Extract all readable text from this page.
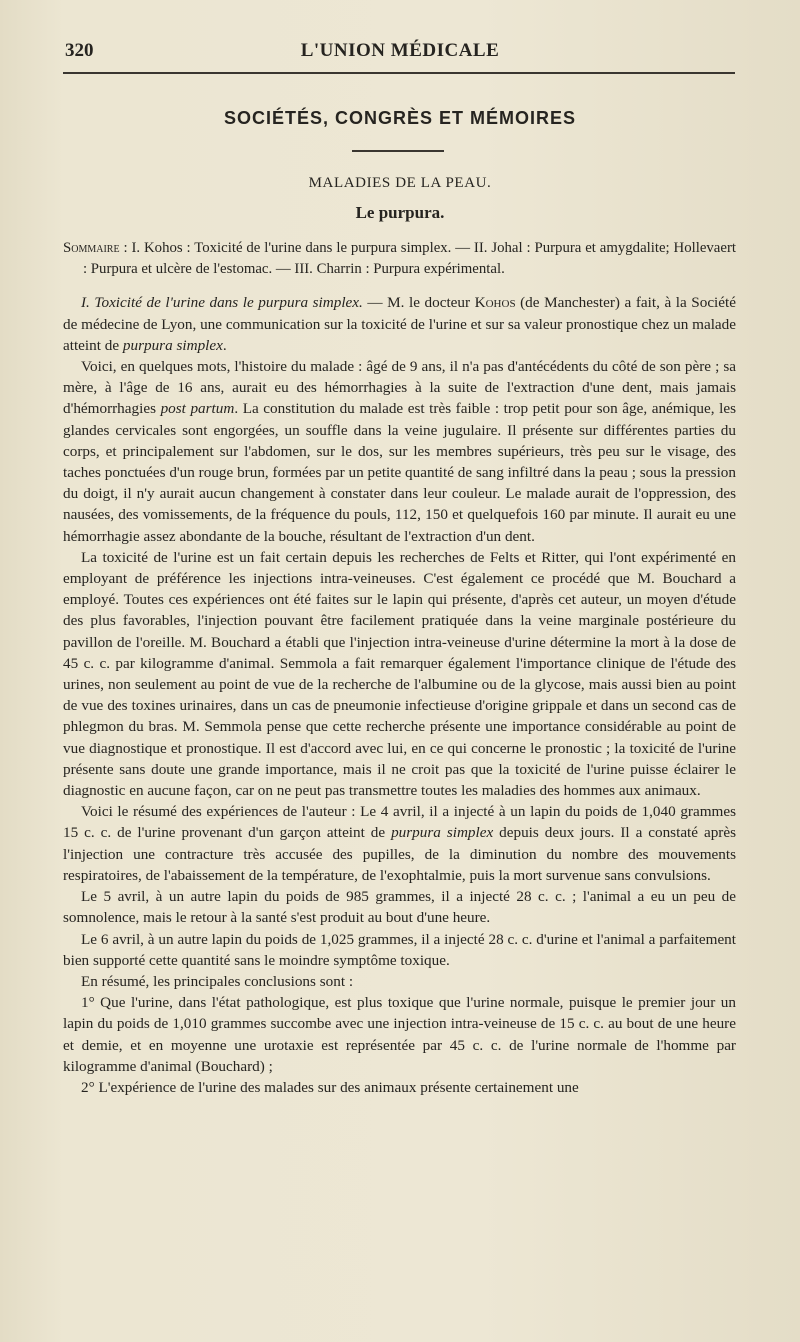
320	L'UNION MÉDICALE
SOCIÉTÉS, CONGRÈS ET MÉMOIRES
MALADIES DE LA PEAU.
Le purpura.

Sommaire : I. Kohos : Toxicité de l'urine dans le purpura simplex. — II. Johal : Purpura et amygdalite; Hollevaert : Purpura et ulcère de l'estomac. — III. Charrin : Purpura expérimental.

I. Toxicité de l'urine dans le purpura simplex. — M. le docteur Kohos (de Manchester) a fait, à la Société de médecine de Lyon, une communication sur la toxicité de l'urine et sur sa valeur pronostique chez un malade atteint de purpura simplex.

Voici, en quelques mots, l'histoire du malade : âgé de 9 ans, il n'a pas d'antécédents du côté de son père ; sa mère, à l'âge de 16 ans, aurait eu des hémorrhagies à la suite de l'extraction d'une dent, mais jamais d'hémorrhagies post partum. La constitution du malade est très faible : trop petit pour son âge, anémique, les glandes cervicales sont engorgées, un souffle dans la veine jugulaire. Il présente sur différentes parties du corps, et principalement sur l'abdomen, sur le dos, sur les membres supérieurs, très peu sur le visage, des taches ponctuées d'un rouge brun, formées par un petite quantité de sang infiltré dans la peau ; sous la pression du doigt, il n'y aurait aucun changement à constater dans leur couleur. Le malade aurait de l'oppression, des nausées, des vomissements, de la fréquence du pouls, 112, 150 et quelquefois 160 par minute. Il aurait eu une hémorrhagie assez abondante de la bouche, résultant de l'extraction d'un dent.

La toxicité de l'urine est un fait certain depuis les recherches de Felts et Ritter, qui l'ont expérimenté en employant de préférence les injections intra-veineuses. C'est également ce procédé que M. Bouchard a employé. Toutes ces expériences ont été faites sur le lapin qui présente, d'après cet auteur, un moyen d'étude des plus favorables, l'injection pouvant être facilement pratiquée dans la veine marginale postérieure du pavillon de l'oreille. M. Bouchard a établi que l'injection intra-veineuse d'urine détermine la mort à la dose de 45 c. c. par kilogramme d'animal. Semmola a fait remarquer également l'importance clinique de l'étude des urines, non seulement au point de vue de la recherche de l'albumine ou de la glycose, mais aussi bien au point de vue des toxines urinaires, dans un cas de pneumonie infectieuse d'origine grippale et dans un second cas de phlegmon du bras. M. Semmola pense que cette recherche présente une importance considérable au point de vue diagnostique et pronostique. Il est d'accord avec lui, en ce qui concerne le pronostic ; la toxicité de l'urine présente sans doute une grande importance, mais il ne croit pas que la toxicité de l'urine puisse éclairer le diagnostic en aucune façon, car on ne peut pas transmettre toutes les maladies des hommes aux animaux.

Voici le résumé des expériences de l'auteur : Le 4 avril, il a injecté à un lapin du poids de 1,040 grammes 15 c. c. de l'urine provenant d'un garçon atteint de purpura simplex depuis deux jours. Il a constaté après l'injection une contracture très accusée des pupilles, de la diminution du nombre des mouvements respiratoires, de l'abaissement de la température, de l'exophtalmie, puis la mort survenue sans convulsions.

Le 5 avril, à un autre lapin du poids de 985 grammes, il a injecté 28 c. c. ; l'animal a eu un peu de somnolence, mais le retour à la santé s'est produit au bout d'une heure.

Le 6 avril, à un autre lapin du poids de 1,025 grammes, il a injecté 28 c. c. d'urine et l'animal a parfaitement bien supporté cette quantité sans le moindre symptôme toxique.

En résumé, les principales conclusions sont :

1° Que l'urine, dans l'état pathologique, est plus toxique que l'urine normale, puisque le premier jour un lapin du poids de 1,010 grammes succombe avec une injection intra-veineuse de 15 c. c. au bout de une heure et demie, et en moyenne une urotaxie est représentée par 45 c. c. de l'urine normale de l'homme par kilogramme d'animal (Bouchard) ;

2° L'expérience de l'urine des malades sur des animaux présente certainement une
